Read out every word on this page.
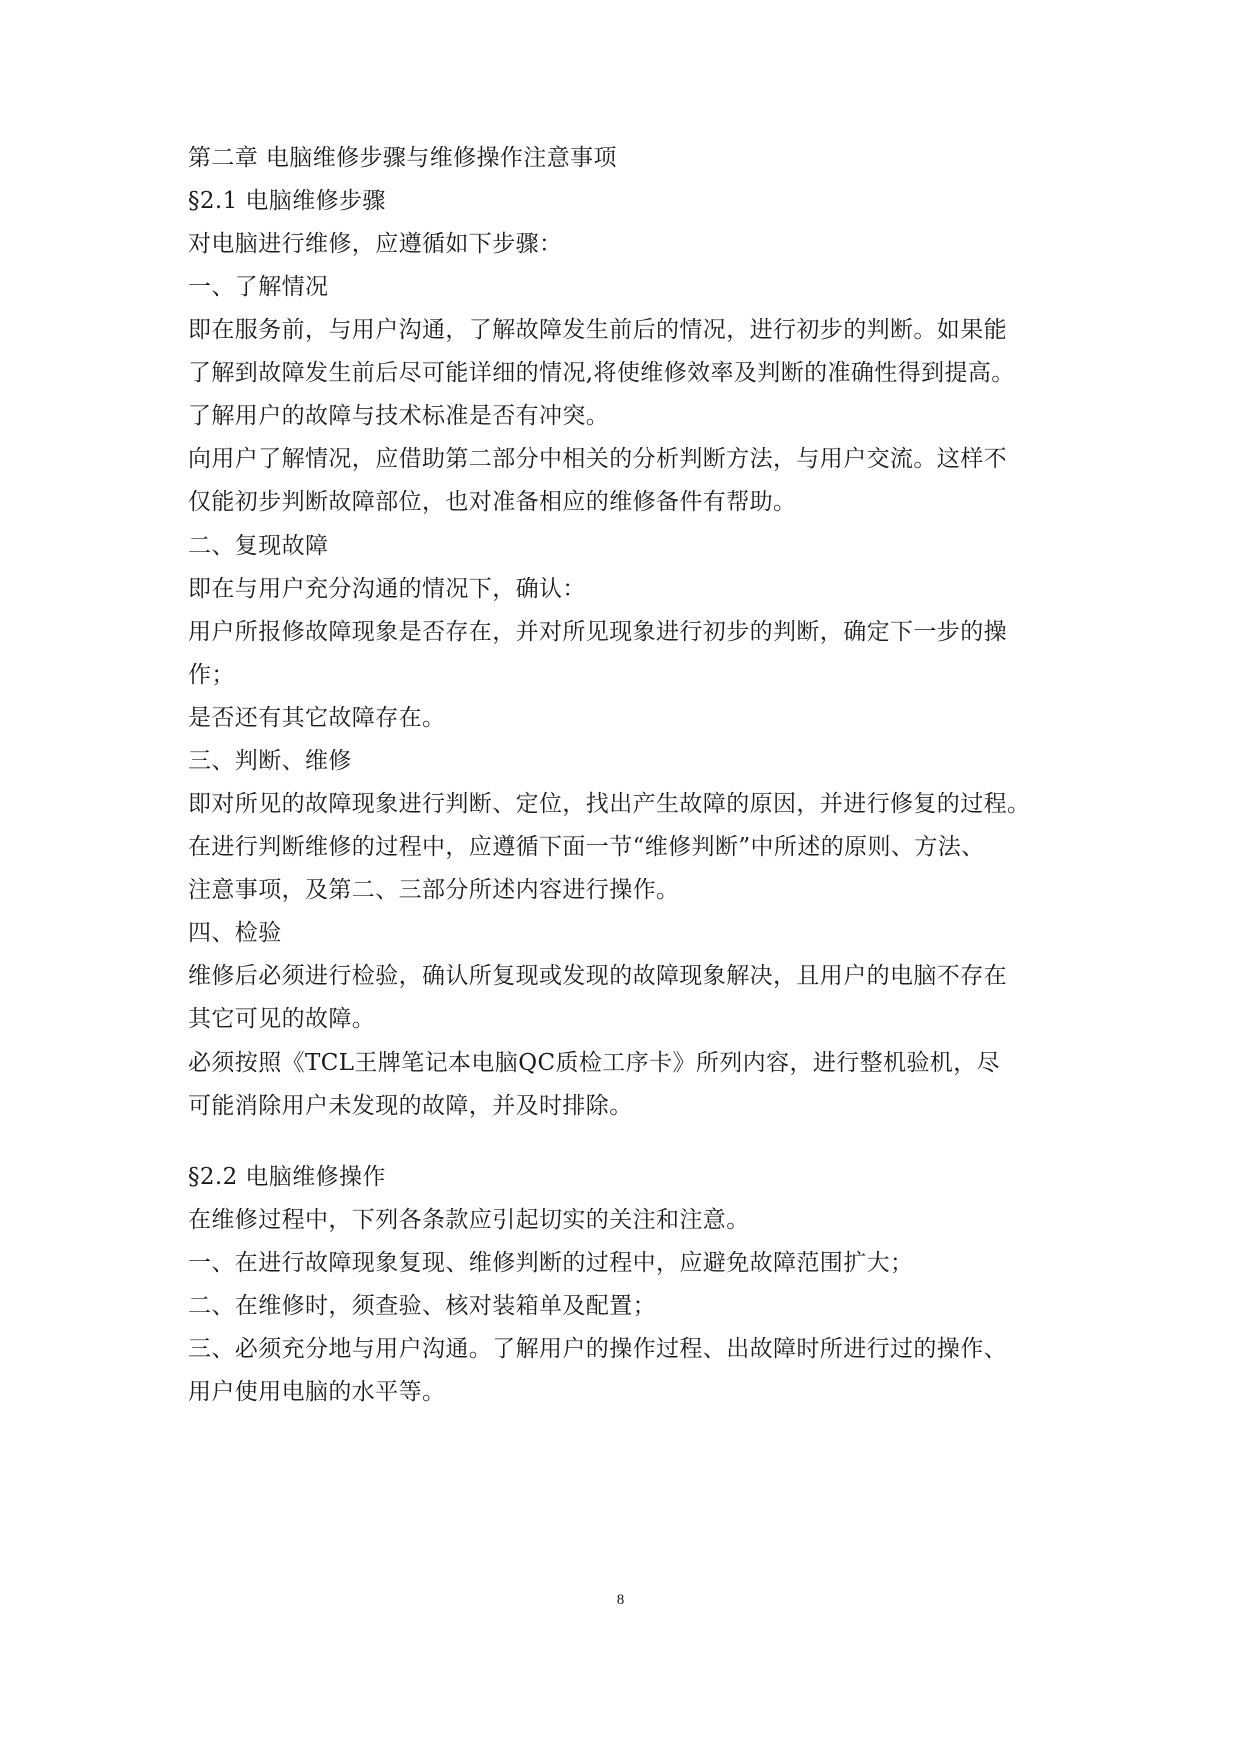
第二章 电脑维修步骤与维修操作注意事项

§2.1 电脑维修步骤

对电脑进行维修，应遵循如下步骤：

一、了解情况

即在服务前，与用户沟通，了解故障发生前后的情况，进行初步的判断。如果能

了解到故障发生前后尽可能详细的情况,将使维修效率及判断的准确性得到提高。

了解用户的故障与技术标准是否有冲突。

向用户了解情况，应借助第二部分中相关的分析判断方法，与用户交流。这样不

仅能初步判断故障部位，也对准备相应的维修备件有帮助。

二、复现故障

即在与用户充分沟通的情况下，确认：

用户所报修故障现象是否存在，并对所见现象进行初步的判断，确定下一步的操

作；

是否还有其它故障存在。

三、判断、维修

即对所见的故障现象进行判断、定位，找出产生故障的原因，并进行修复的过程。

在进行判断维修的过程中，应遵循下面一节“维修判断”中所述的原则、方法、

注意事项，及第二、三部分所述内容进行操作。

四、检验

维修后必须进行检验，确认所复现或发现的故障现象解决，且用户的电脑不存在

其它可见的故障。

必须按照《TCL王牌笔记本电脑QC质检工序卡》所列内容，进行整机验机，尽

可能消除用户未发现的故障，并及时排除。

§2.2 电脑维修操作

在维修过程中，下列各条款应引起切实的关注和注意。

一、在进行故障现象复现、维修判断的过程中，应避免故障范围扩大；

二、在维修时，须查验、核对装箱单及配置；

三、必须充分地与用户沟通。了解用户的操作过程、出故障时所进行过的操作、

用户使用电脑的水平等。

8
